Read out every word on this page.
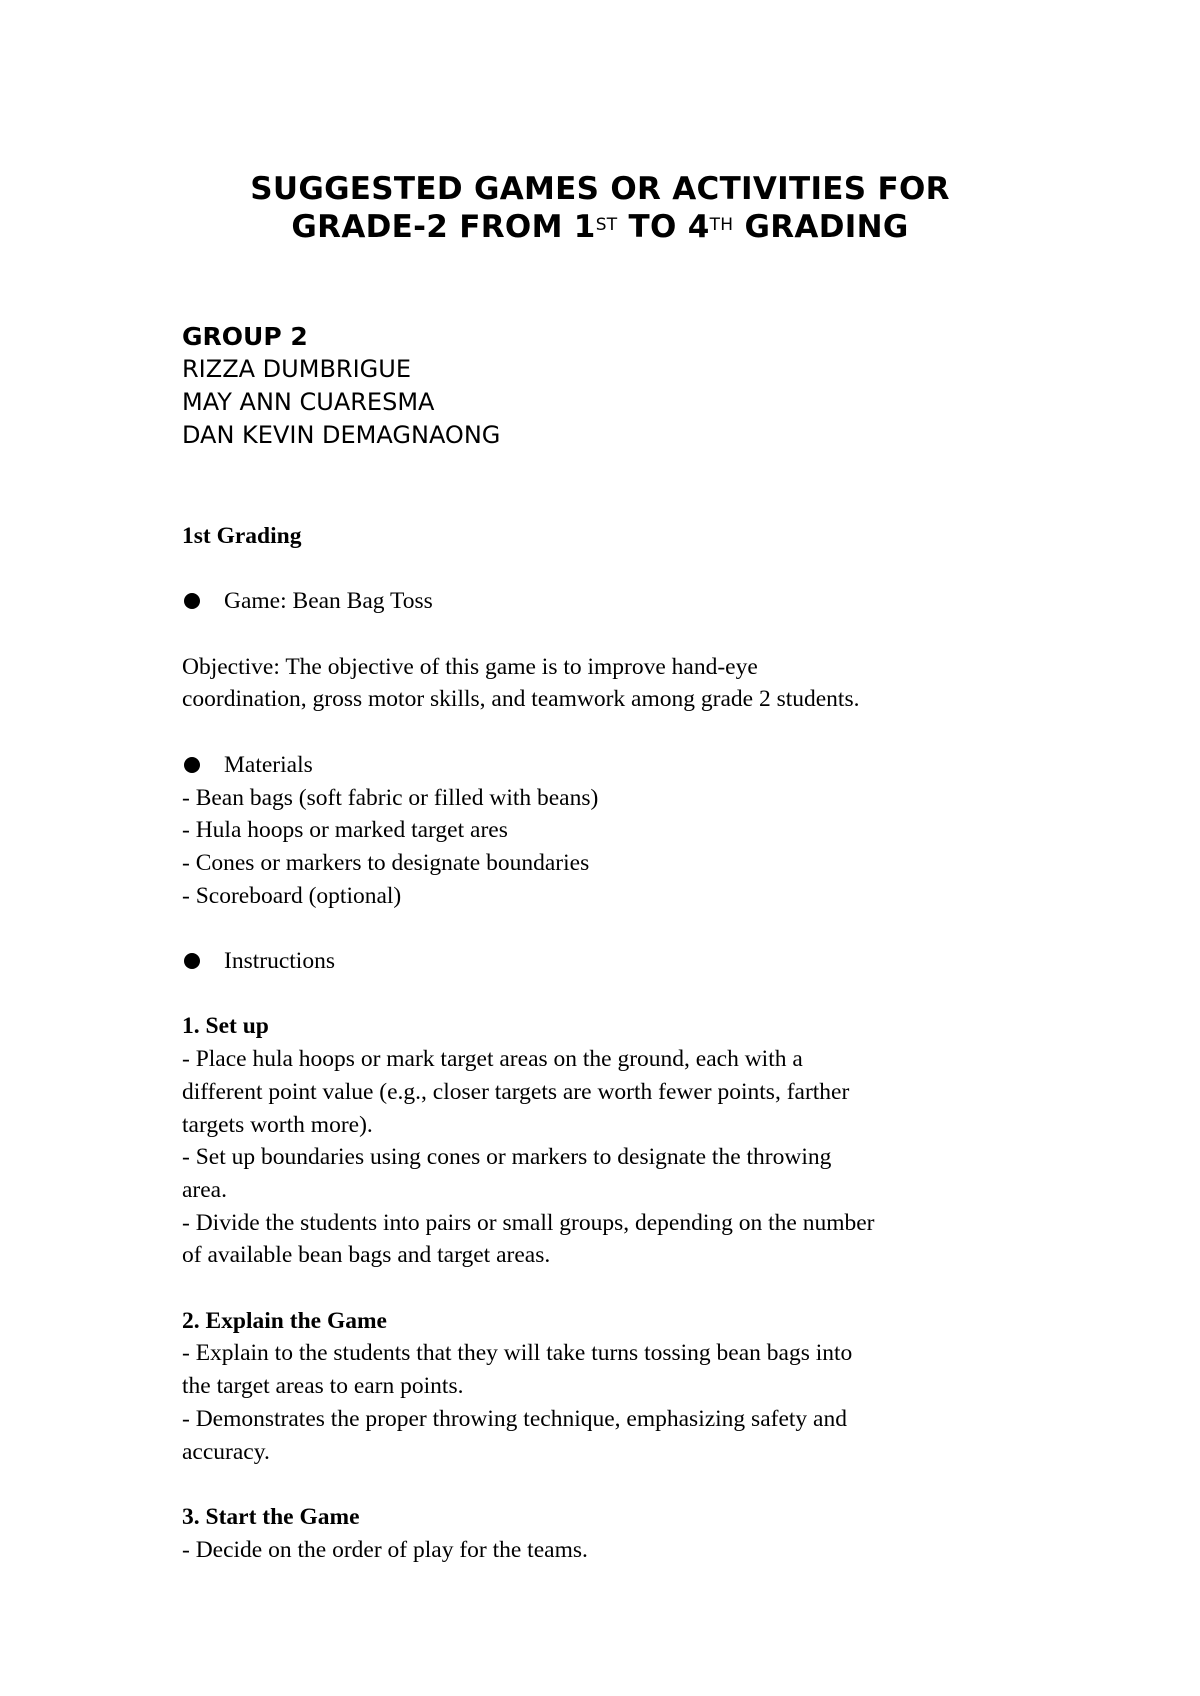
SUGGESTED GAMES OR ACTIVITIES FOR
GRADE-2 FROM 1ST TO 4TH GRADING
GROUP 2
RIZZA DUMBRIGUE
MAY ANN CUARESMA
DAN KEVIN DEMAGNAONG

1st Grading

Game: Bean Bag Toss

Objective: The objective of this game is to improve hand-eye

coordination, gross motor skills, and teamwork among grade 2 students.

Materials

- Bean bags (soft fabric or filled with beans)

- Hula hoops or marked target ares

- Cones or markers to designate boundaries

- Scoreboard (optional)

Instructions

1. Set up

- Place hula hoops or mark target areas on the ground, each with a

different point value (e.g., closer targets are worth fewer points, farther

targets worth more).

- Set up boundaries using cones or markers to designate the throwing

area.

- Divide the students into pairs or small groups, depending on the number

of available bean bags and target areas.

2. Explain the Game

- Explain to the students that they will take turns tossing bean bags into

the target areas to earn points.

- Demonstrates the proper throwing technique, emphasizing safety and

accuracy.

3. Start the Game

- Decide on the order of play for the teams.
